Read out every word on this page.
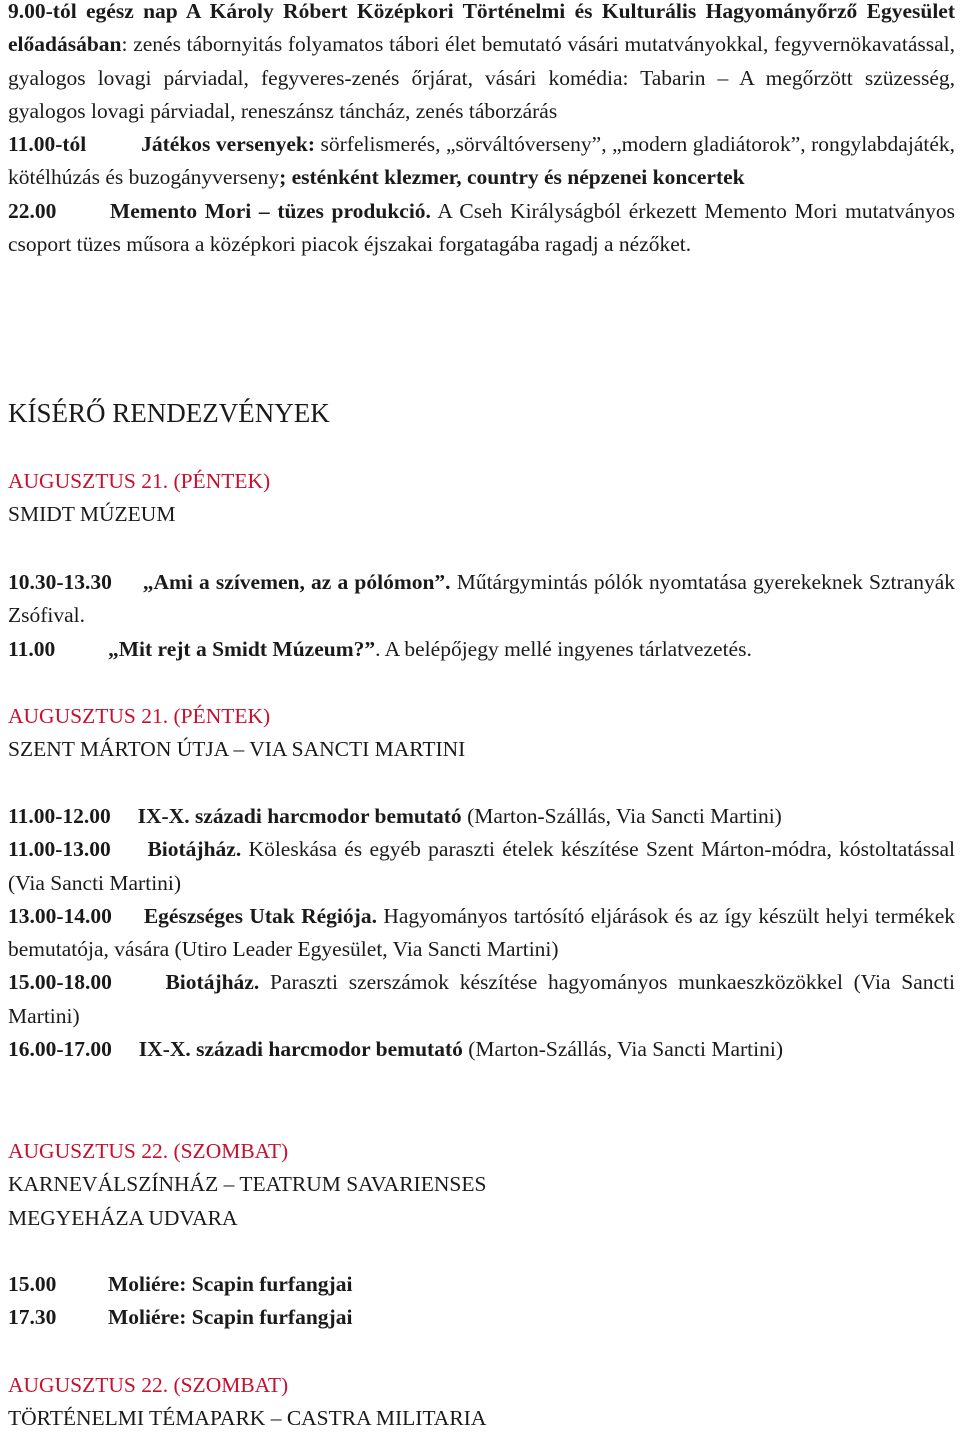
9.00-tól egész nap A Károly Róbert Középkori Történelmi és Kulturális Hagyományőrző Egyesület előadásában: zenés tábornyitás folyamatos tábori élet bemutató vásári mutatványokkal, fegyvernökavatással, gyalogos lovagi párviadal, fegyveres-zenés őrjárat, vásári komédia: Tabarin – A megőrzött szüzesség, gyalogos lovagi párviadal, reneszánsz táncház, zenés táborzárás

11.00-tól	Játékos versenyek: sörfelismerés, „sörváltóverseny”, „modern gladiátorok”, rongylabdajáték, kötélhúzás és buzogányverseny; esténként klezmer, country és népzenei koncertek

22.00 Memento Mori – tüzes produkció. A Cseh Királyságból érkezett Memento Mori mutatványos csoport tüzes műsora a középkori piacok éjszakai forgatagába ragadj a nézőket.

KÍSÉRŐ RENDEZVÉNYEK

AUGUSZTUS 21. (PÉNTEK)

SMIDT MÚZEUM

10.30-13.30 „Ami a szívemen, az a pólómon”. Műtárgymintás pólók nyomtatása gyerekeknek Sztranyák Zsófival.

11.00 „Mit rejt a Smidt Múzeum?”. A belépőjegy mellé ingyenes tárlatvezetés.

AUGUSZTUS 21. (PÉNTEK)

SZENT MÁRTON ÚTJA – VIA SANCTI MARTINI

11.00-12.00 IX-X. századi harcmodor bemutató (Marton-Szállás, Via Sancti Martini)

11.00-13.00 Biotájház. Köleskása és egyéb paraszti ételek készítése Szent Márton-módra, kóstoltatással (Via Sancti Martini)

13.00-14.00 Egészséges Utak Régiója. Hagyományos tartósító eljárások és az így készült helyi termékek bemutatója, vására (Utiro Leader Egyesület, Via Sancti Martini)

15.00-18.00 Biotájház. Paraszti szerszámok készítése hagyományos munkaeszközökkel (Via Sancti Martini)

16.00-17.00 IX-X. századi harcmodor bemutató (Marton-Szállás, Via Sancti Martini)

AUGUSZTUS 22. (SZOMBAT)

KARNEVÁLSZÍNHÁZ – TEATRUM SAVARIENSES

MEGYEHÁZA UDVARA

15.00 Moliére: Scapin furfangjai

17.30 Moliére: Scapin furfangjai

AUGUSZTUS 22. (SZOMBAT)

TÖRTÉNELMI TÉMAPARK – CASTRA MILITARIA
